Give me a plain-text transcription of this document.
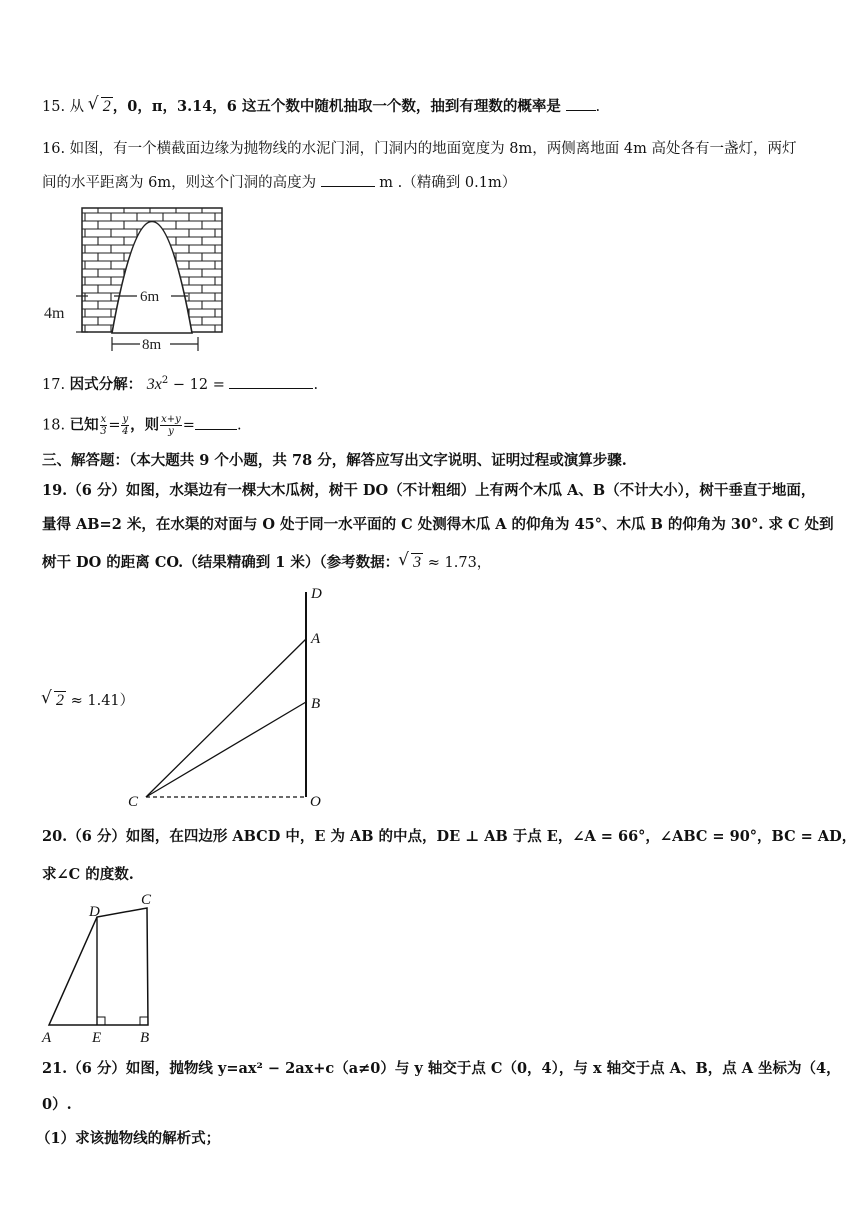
15. 从 √ 2 ，0，π，3.14，6 这五个数中随机抽取一个数，抽到有理数的概率是 .
16. 如图，有一个横截面边缘为抛物线的水泥门洞，门洞内的地面宽度为 8m，两侧离地面 4m 高处各有一盏灯，两灯
间的水平距离为 6m，则这个门洞的高度为	m .（精确到 0.1m）
4m
6m
8m
17. 因式分解： $3x^2 - 12$ =	.
18. 已知 $\frac{x}{3} = \frac{y}{4}$ ，则 $\frac{x+y}{y}$ =	.
三、解答题：（本大题共 9 个小题，共 78 分，解答应写出文字说明、证明过程或演算步骤.
19.（6 分）如图，水渠边有一棵大木瓜树，树干 DO（不计粗细）上有两个木瓜 A、B（不计大小），树干垂直于地面，
量得 AB=2 米，在水渠的对面与 O 处于同一水平面的 C 处测得木瓜 A 的仰角为 45°、木瓜 B 的仰角为 30°. 求 C 处到
树干 DO 的距离 CO.（结果精确到 1 米）（参考数据： √ 3 ≈ 1.73，
√ 2 ≈ 1.41）
D
A
B
C	O
20.（6 分）如图，在四边形 ABCD 中，E 为 AB 的中点，DE ⊥ AB 于点 E，∠A = 66°，∠ABC = 90°，BC = AD，
求∠C 的度数.
A	E	B
C
D
21.（6 分）如图，抛物线 y=ax² − 2ax+c（a≠0）与 y 轴交于点 C（0，4），与 x 轴交于点 A、B，点 A 坐标为（4，
0）.
（1）求该抛物线的解析式；
